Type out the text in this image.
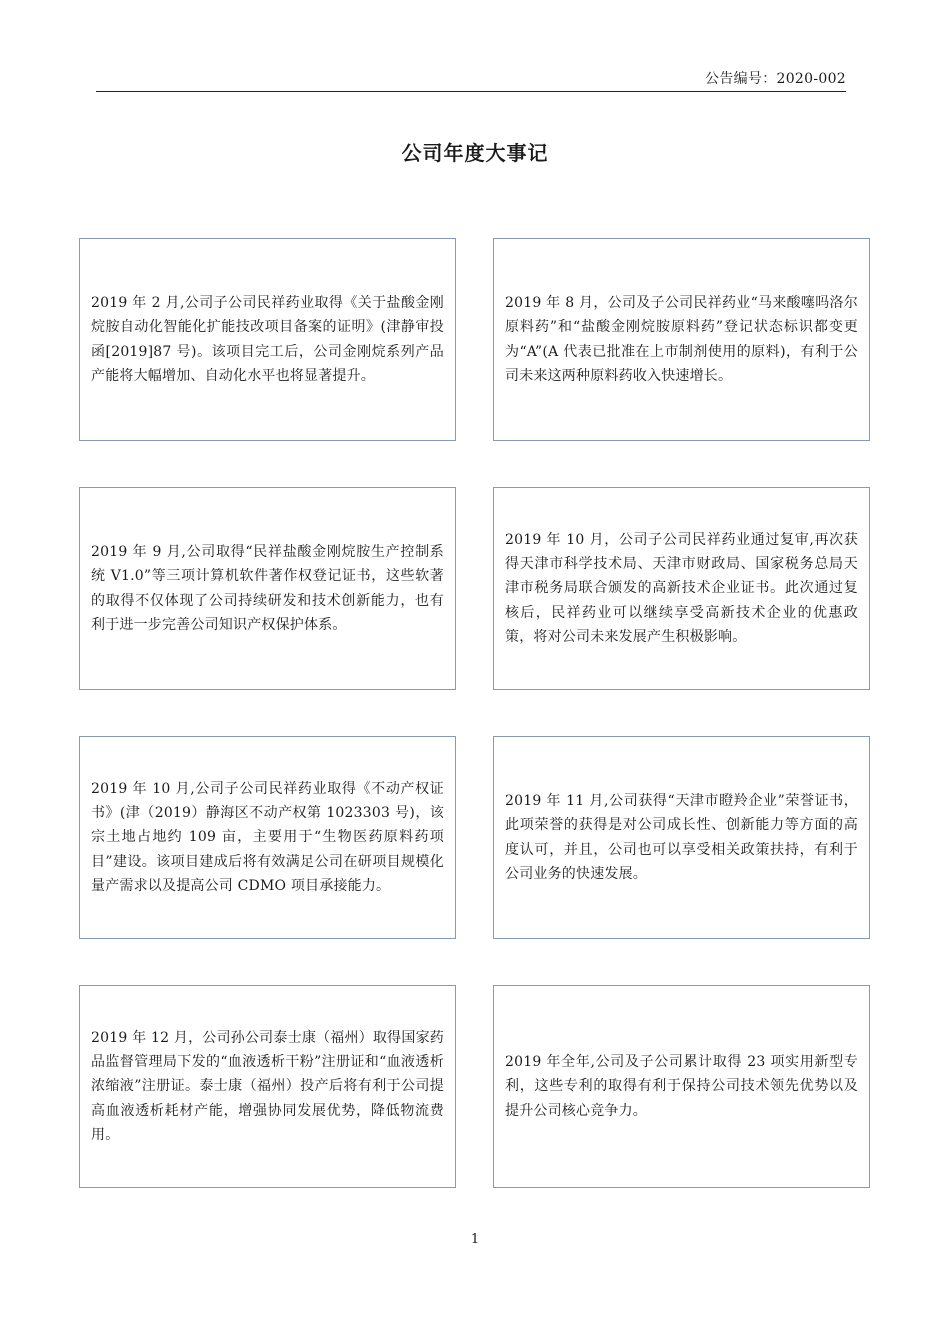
公告编号：2020-002
公司年度大事记

2019 年 2 月,公司子公司民祥药业取得《关于盐酸金刚烷胺自动化智能化扩能技改项目备案的证明》(津静审投函[2019]87 号)。该项目完工后，公司金刚烷系列产品产能将大幅增加、自动化水平也将显著提升。

2019 年 8 月，公司及子公司民祥药业“马来酸噻吗洛尔原料药”和“盐酸金刚烷胺原料药”登记状态标识都变更为“A”(A 代表已批准在上市制剂使用的原料)，有利于公司未来这两种原料药收入快速增长。

2019 年 9 月,公司取得“民祥盐酸金刚烷胺生产控制系统 V1.0”等三项计算机软件著作权登记证书，这些软著的取得不仅体现了公司持续研发和技术创新能力，也有利于进一步完善公司知识产权保护体系。

2019 年 10 月，公司子公司民祥药业通过复审,再次获得天津市科学技术局、天津市财政局、国家税务总局天津市税务局联合颁发的高新技术企业证书。此次通过复核后，民祥药业可以继续享受高新技术企业的优惠政策，将对公司未来发展产生积极影响。

2019 年 10 月,公司子公司民祥药业取得《不动产权证书》(津（2019）静海区不动产权第 1023303 号)，该宗土地占地约 109 亩，主要用于“生物医药原料药项目”建设。该项目建成后将有效满足公司在研项目规模化量产需求以及提高公司 CDMO 项目承接能力。

2019 年 11 月,公司获得“天津市瞪羚企业”荣誉证书，此项荣誉的获得是对公司成长性、创新能力等方面的高度认可，并且，公司也可以享受相关政策扶持，有利于公司业务的快速发展。

2019 年 12 月，公司孙公司泰士康（福州）取得国家药品监督管理局下发的“血液透析干粉”注册证和“血液透析浓缩液”注册证。泰士康（福州）投产后将有利于公司提高血液透析耗材产能，增强协同发展优势，降低物流费用。

2019 年全年,公司及子公司累计取得 23 项实用新型专利，这些专利的取得有利于保持公司技术领先优势以及提升公司核心竞争力。

1
